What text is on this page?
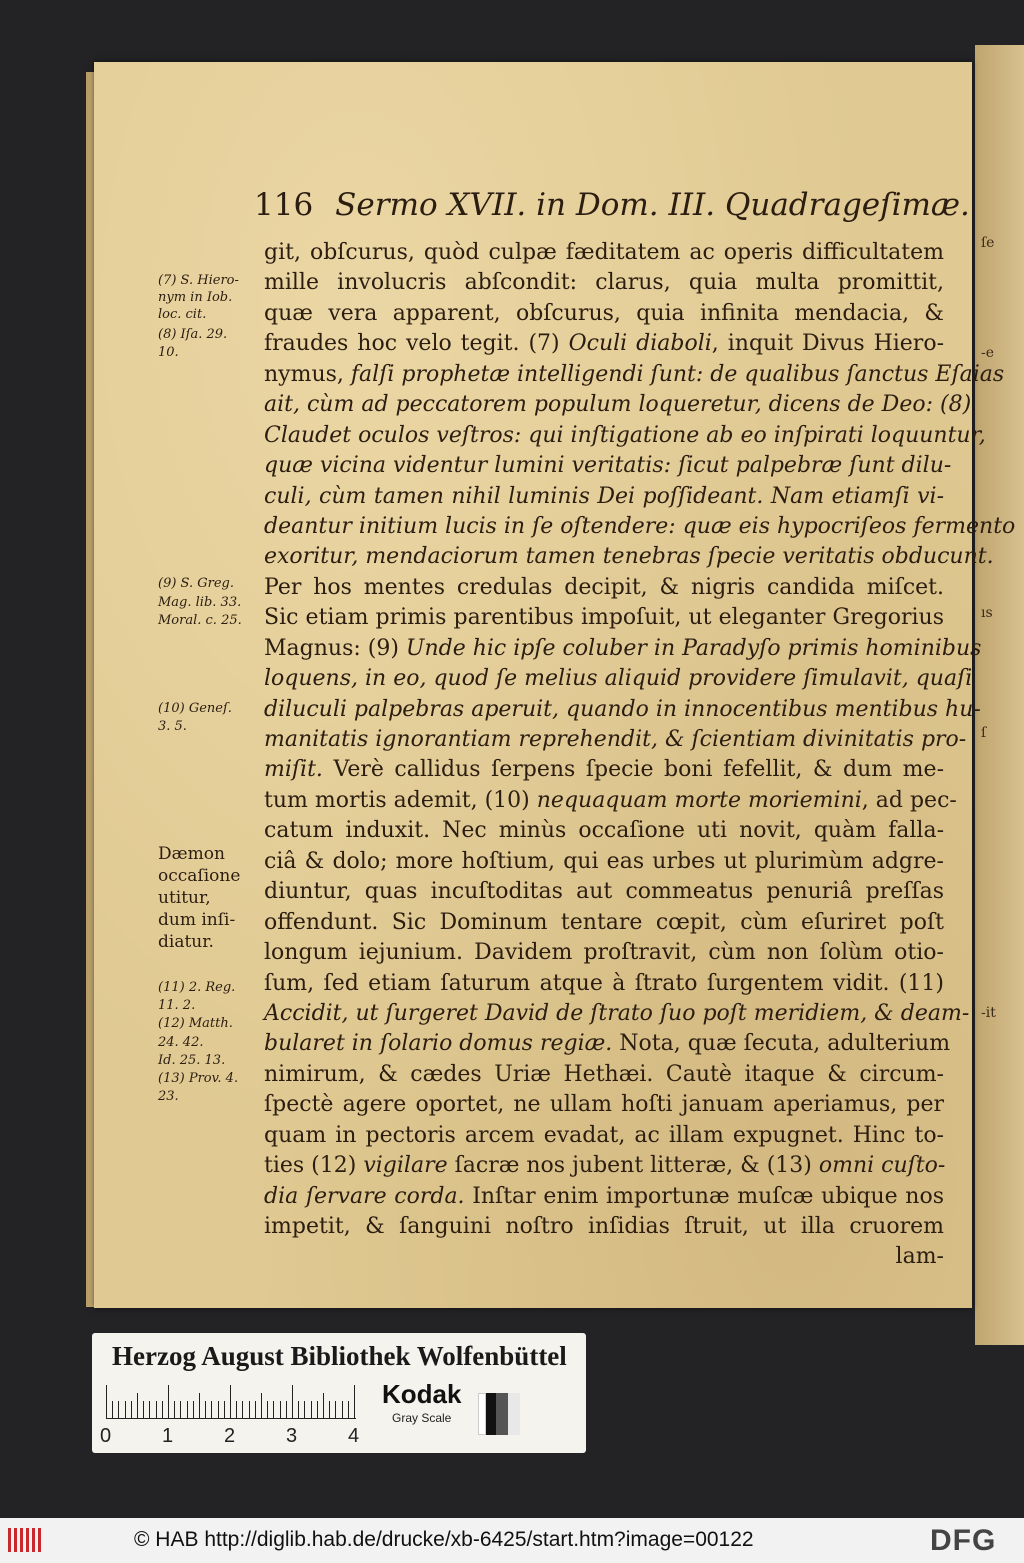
ſe
-e
ıs
ſ
-it
116 Sermo XVII. in Dom. III. Quadrageſimæ.
git, obſcurus, quòd culpæ fæditatem ac operis difficultatem
mille involucris abſcondit: clarus, quia multa promittit,
quæ vera apparent, obſcurus, quia infinita mendacia, &
fraudes hoc velo tegit. (7) Oculi diaboli, inquit Divus Hiero-
nymus, falſi prophetæ intelligendi ſunt: de qualibus ſanctus Eſaias
ait, cùm ad peccatorem populum loqueretur, dicens de Deo: (8)
Claudet oculos veſtros: qui inſtigatione ab eo inſpirati loquuntur,
quæ vicina videntur lumini veritatis: ſicut palpebræ ſunt dilu-
culi, cùm tamen nihil luminis Dei poſſideant. Nam etiamſi vi-
deantur initium lucis in ſe oſtendere: quæ eis hypocriſeos fermento
exoritur, mendaciorum tamen tenebras ſpecie veritatis obducunt.
Per hos mentes credulas decipit, & nigris candida miſcet.
Sic etiam primis parentibus impoſuit, ut eleganter Gregorius
Magnus: (9) Unde hic ipſe coluber in Paradyſo primis hominibus
loquens, in eo, quod ſe melius aliquid providere ſimulavit, quaſi
diluculi palpebras aperuit, quando in innocentibus mentibus hu-
manitatis ignorantiam reprehendit, & ſcientiam divinitatis pro-
miſit. Verè callidus ſerpens ſpecie boni fefellit, & dum me-
tum mortis ademit, (10) nequaquam morte moriemini, ad pec-
catum induxit. Nec minùs occaſione uti novit, quàm falla-
ciâ & dolo; more hoſtium, qui eas urbes ut plurimùm adgre-
diuntur, quas incuſtoditas aut commeatus penuriâ preſſas
offendunt. Sic Dominum tentare cœpit, cùm eſuriret poſt
longum iejunium. Davidem proſtravit, cùm non ſolùm otio-
ſum, ſed etiam ſaturum atque à ſtrato ſurgentem vidit. (11)
Accidit, ut ſurgeret David de ſtrato ſuo poſt meridiem, & deam-
bularet in ſolario domus regiæ. Nota, quæ ſecuta, adulterium
nimirum, & cædes Uriæ Hethæi. Cautè itaque & circum-
ſpectè agere oportet, ne ullam hoſti januam aperiamus, per
quam in pectoris arcem evadat, ac illam expugnet. Hinc to-
ties (12) vigilare ſacræ nos jubent litteræ, & (13) omni cuſto-
dia ſervare corda. Inſtar enim importunæ muſcæ ubique nos
impetit, & ſanguini noſtro inſidias ſtruit, ut illa cruorem
lam-
(7) S. Hiero-
nym in Iob.
loc. cit.
(8) Iſa. 29.
10.
(9) S. Greg.
Mag. lib. 33.
Moral. c. 25.
(10) Geneſ.
3. 5.
(11) 2. Reg.
11. 2.
(12) Matth.
24. 42.
Id. 25. 13.
(13) Prov. 4.
23.
Dæmon
occaſione
utitur,
dum inſi-
diatur.
Herzog August Bibliothek Wolfenbüttel
0	1	2	3	4
Kodak
Gray Scale
© HAB http://diglib.hab.de/drucke/xb-6425/start.htm?image=00122	DFG
